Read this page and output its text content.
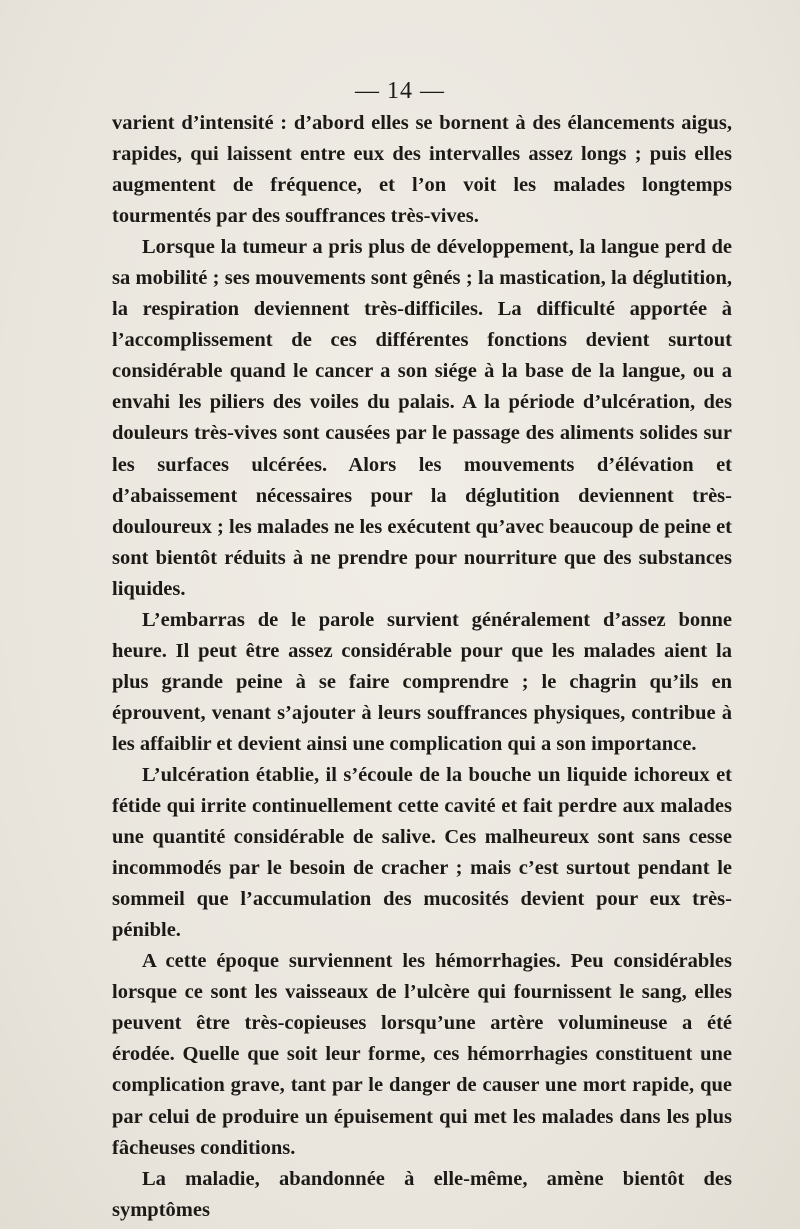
— 14 —

varient d’intensité : d’abord elles se bornent à des élancements aigus, rapides, qui laissent entre eux des intervalles assez longs ; puis elles augmentent de fréquence, et l’on voit les malades longtemps tourmentés par des souffrances très-vives.

Lorsque la tumeur a pris plus de développement, la langue perd de sa mobilité ; ses mouvements sont gênés ; la mastication, la déglutition, la respiration deviennent très-difficiles. La difficulté apportée à l’accomplissement de ces différentes fonctions devient surtout considérable quand le cancer a son siége à la base de la langue, ou a envahi les piliers des voiles du palais. A la période d’ulcération, des douleurs très-vives sont causées par le passage des aliments solides sur les surfaces ulcérées. Alors les mouvements d’élévation et d’abaissement nécessaires pour la déglutition deviennent très-douloureux ; les malades ne les exécutent qu’avec beaucoup de peine et sont bientôt réduits à ne prendre pour nourriture que des substances liquides.

L’embarras de le parole survient généralement d’assez bonne heure. Il peut être assez considérable pour que les malades aient la plus grande peine à se faire comprendre ; le chagrin qu’ils en éprouvent, venant s’ajouter à leurs souffrances physiques, contribue à les affaiblir et devient ainsi une complication qui a son importance.

L’ulcération établie, il s’écoule de la bouche un liquide ichoreux et fétide qui irrite continuellement cette cavité et fait perdre aux malades une quantité considérable de salive. Ces malheureux sont sans cesse incommodés par le besoin de cracher ; mais c’est surtout pendant le sommeil que l’accumulation des mucosités devient pour eux très-pénible.

A cette époque surviennent les hémorrhagies. Peu considérables lorsque ce sont les vaisseaux de l’ulcère qui fournissent le sang, elles peuvent être très-copieuses lorsqu’une artère volumineuse a été érodée. Quelle que soit leur forme, ces hémorrhagies constituent une complication grave, tant par le danger de causer une mort rapide, que par celui de produire un épuisement qui met les malades dans les plus fâcheuses conditions.

La maladie, abandonnée à elle-même, amène bientôt des symptômes
